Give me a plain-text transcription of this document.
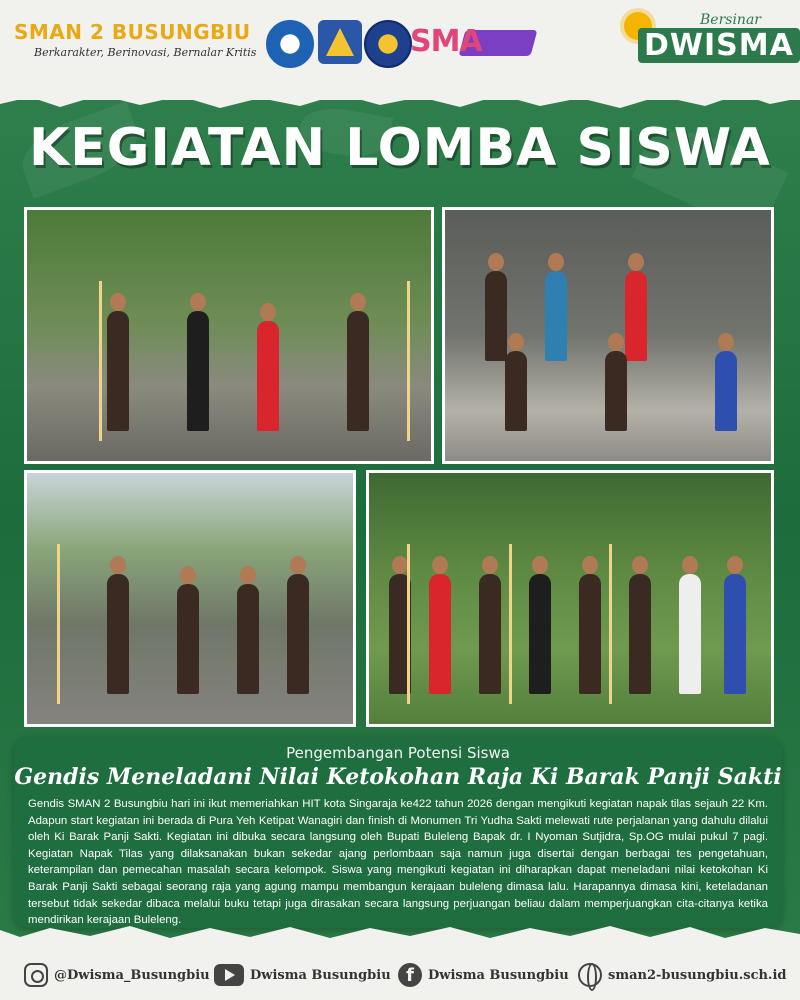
SMAN 2 BUSUNGBIU
Berkarakter, Berinovasi, Bernalar Kritis	SMA
Bersinar
DWISMA
KEGIATAN LOMBA SISWA
Pengembangan Potensi Siswa
Gendis Meneladani Nilai Ketokohan Raja Ki Barak Panji Sakti
Gendis SMAN 2 Busungbiu hari ini ikut memeriahkan HIT kota Singaraja ke422 tahun 2026 dengan mengikuti kegiatan napak tilas sejauh 22 Km. Adapun start kegiatan ini berada di Pura Yeh Ketipat Wanagiri dan finish di Monumen Tri Yudha Sakti melewati rute perjalanan yang dahulu dilalui oleh Ki Barak Panji Sakti. Kegiatan ini dibuka secara langsung oleh Bupati Buleleng Bapak dr. I Nyoman Sutjidra, Sp.OG mulai pukul 7 pagi. Kegiatan Napak Tilas yang dilaksanakan bukan sekedar ajang perlombaan saja namun juga disertai dengan berbagai tes pengetahuan, keterampilan dan pemecahan masalah secara kelompok. Siswa yang mengikuti kegiatan ini diharapkan dapat meneladani nilai ketokohan Ki Barak Panji Sakti sebagai seorang raja yang agung mampu membangun kerajaan buleleng dimasa lalu. Harapannya dimasa kini, keteladanan tersebut tidak sekedar dibaca melalui buku tetapi juga dirasakan secara langsung perjuangan beliau dalam memperjuangkan cita-citanya ketika mendirikan kerajaan Buleleng.
@Dwisma_Busungbiu	Dwisma Busungbiu f	Dwisma Busungbiu	sman2-busungbiu.sch.id
